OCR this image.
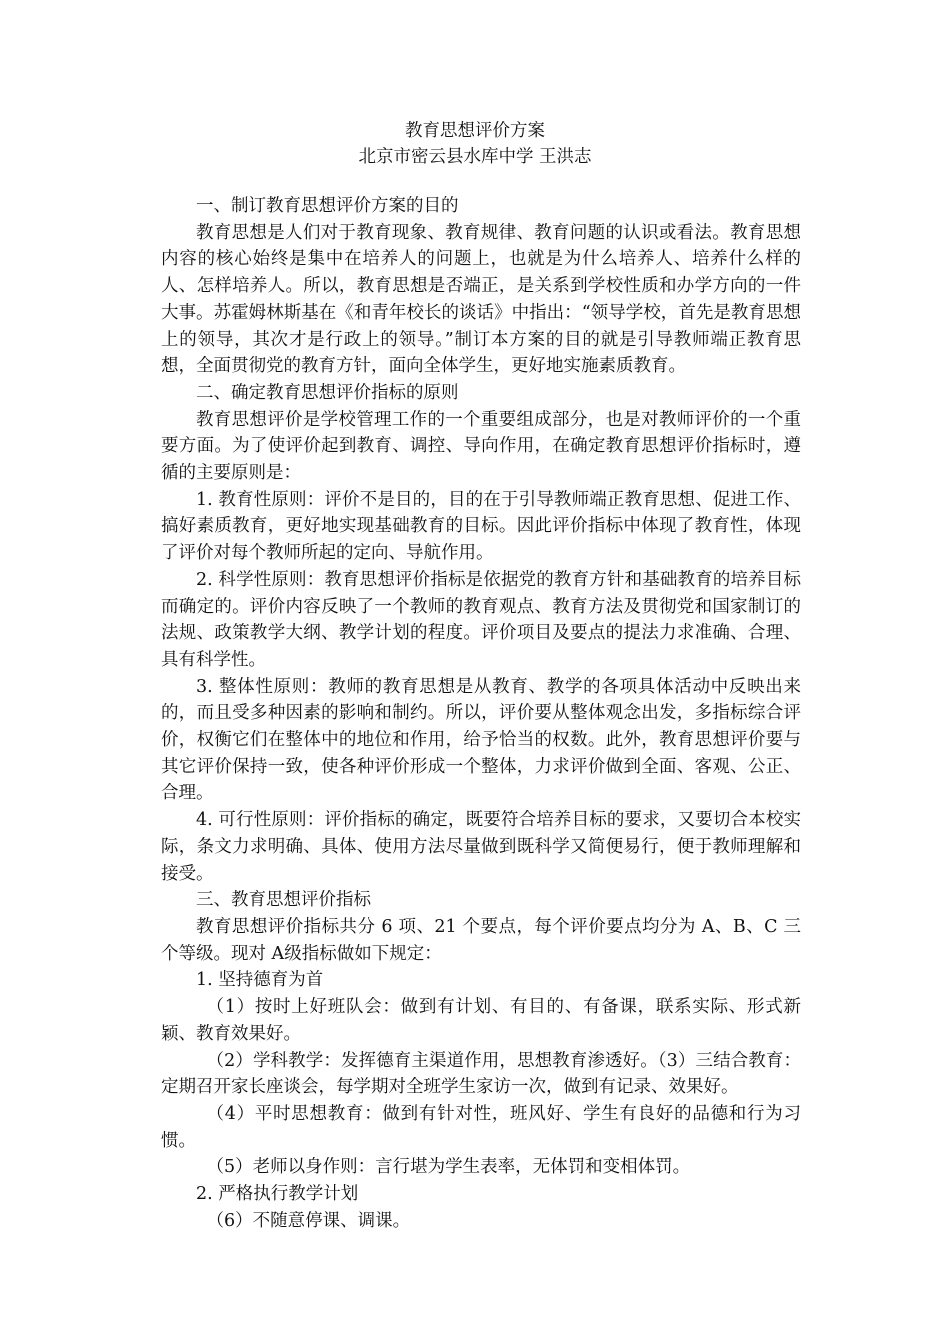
教育思想评价方案
北京市密云县水库中学 王洪志

一、制订教育思想评价方案的目的

教育思想是人们对于教育现象、教育规律、教育问题的认识或看法。教育思想内容的核心始终是集中在培养人的问题上，也就是为什么培养人、培养什么样的人、怎样培养人。所以，教育思想是否端正，是关系到学校性质和办学方向的一件大事。苏霍姆林斯基在《和青年校长的谈话》中指出：“领导学校，首先是教育思想上的领导，其次才是行政上的领导。”制订本方案的目的就是引导教师端正教育思想，全面贯彻党的教育方针，面向全体学生，更好地实施素质教育。

二、确定教育思想评价指标的原则

教育思想评价是学校管理工作的一个重要组成部分，也是对教师评价的一个重要方面。为了使评价起到教育、调控、导向作用，在确定教育思想评价指标时，遵循的主要原则是：

1. 教育性原则：评价不是目的，目的在于引导教师端正教育思想、促进工作、搞好素质教育，更好地实现基础教育的目标。因此评价指标中体现了教育性，体现了评价对每个教师所起的定向、导航作用。

2. 科学性原则：教育思想评价指标是依据党的教育方针和基础教育的培养目标而确定的。评价内容反映了一个教师的教育观点、教育方法及贯彻党和国家制订的法规、政策教学大纲、教学计划的程度。评价项目及要点的提法力求准确、合理、具有科学性。

3. 整体性原则：教师的教育思想是从教育、教学的各项具体活动中反映出来的，而且受多种因素的影响和制约。所以，评价要从整体观念出发，多指标综合评价，权衡它们在整体中的地位和作用，给予恰当的权数。此外，教育思想评价要与其它评价保持一致，使各种评价形成一个整体，力求评价做到全面、客观、公正、合理。

4. 可行性原则：评价指标的确定，既要符合培养目标的要求，又要切合本校实际，条文力求明确、具体、使用方法尽量做到既科学又简便易行，便于教师理解和接受。

三、教育思想评价指标

教育思想评价指标共分 6 项、21 个要点，每个评价要点均分为 A、B、C 三个等级。现对 A级指标做如下规定：

1. 坚持德育为首

（1）按时上好班队会：做到有计划、有目的、有备课，联系实际、形式新颖、教育效果好。

（2）学科教学：发挥德育主渠道作用，思想教育渗透好。（3）三结合教育：定期召开家长座谈会，每学期对全班学生家访一次，做到有记录、效果好。

（4）平时思想教育：做到有针对性，班风好、学生有良好的品德和行为习惯。

（5）老师以身作则：言行堪为学生表率，无体罚和变相体罚。

2. 严格执行教学计划

（6）不随意停课、调课。
